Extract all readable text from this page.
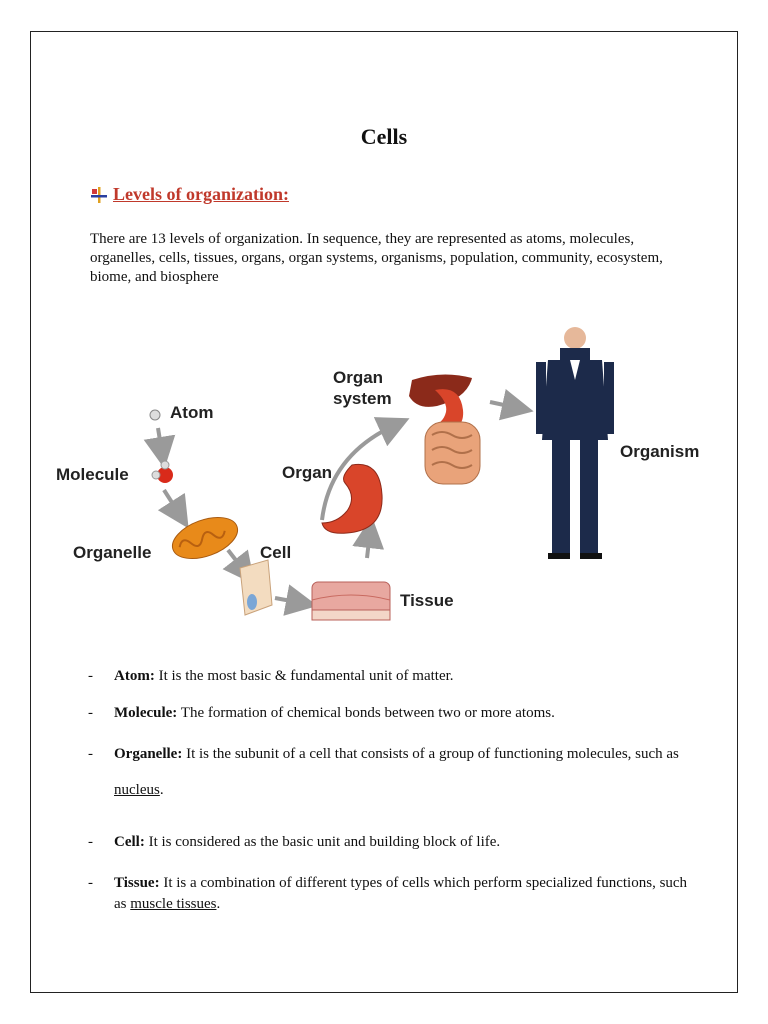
Cells
Levels of organization:
There are 13 levels of organization. In sequence, they are represented as atoms, molecules, organelles, cells, tissues, organs, organ systems, organisms, population, community, ecosystem, biome, and biosphere
Atom
Molecule
Organelle	Cell
Tissue
Organ
Organ
system
Organism

- Atom: It is the most basic & fundamental unit of matter.

- Molecule: The formation of chemical bonds between two or more atoms.

- Organelle: It is the subunit of a cell that consists of a group of functioning molecules, such as nucleus.

- Cell: It is considered as the basic unit and building block of life.

- Tissue: It is a combination of different types of cells which perform specialized functions, such as muscle tissues.
